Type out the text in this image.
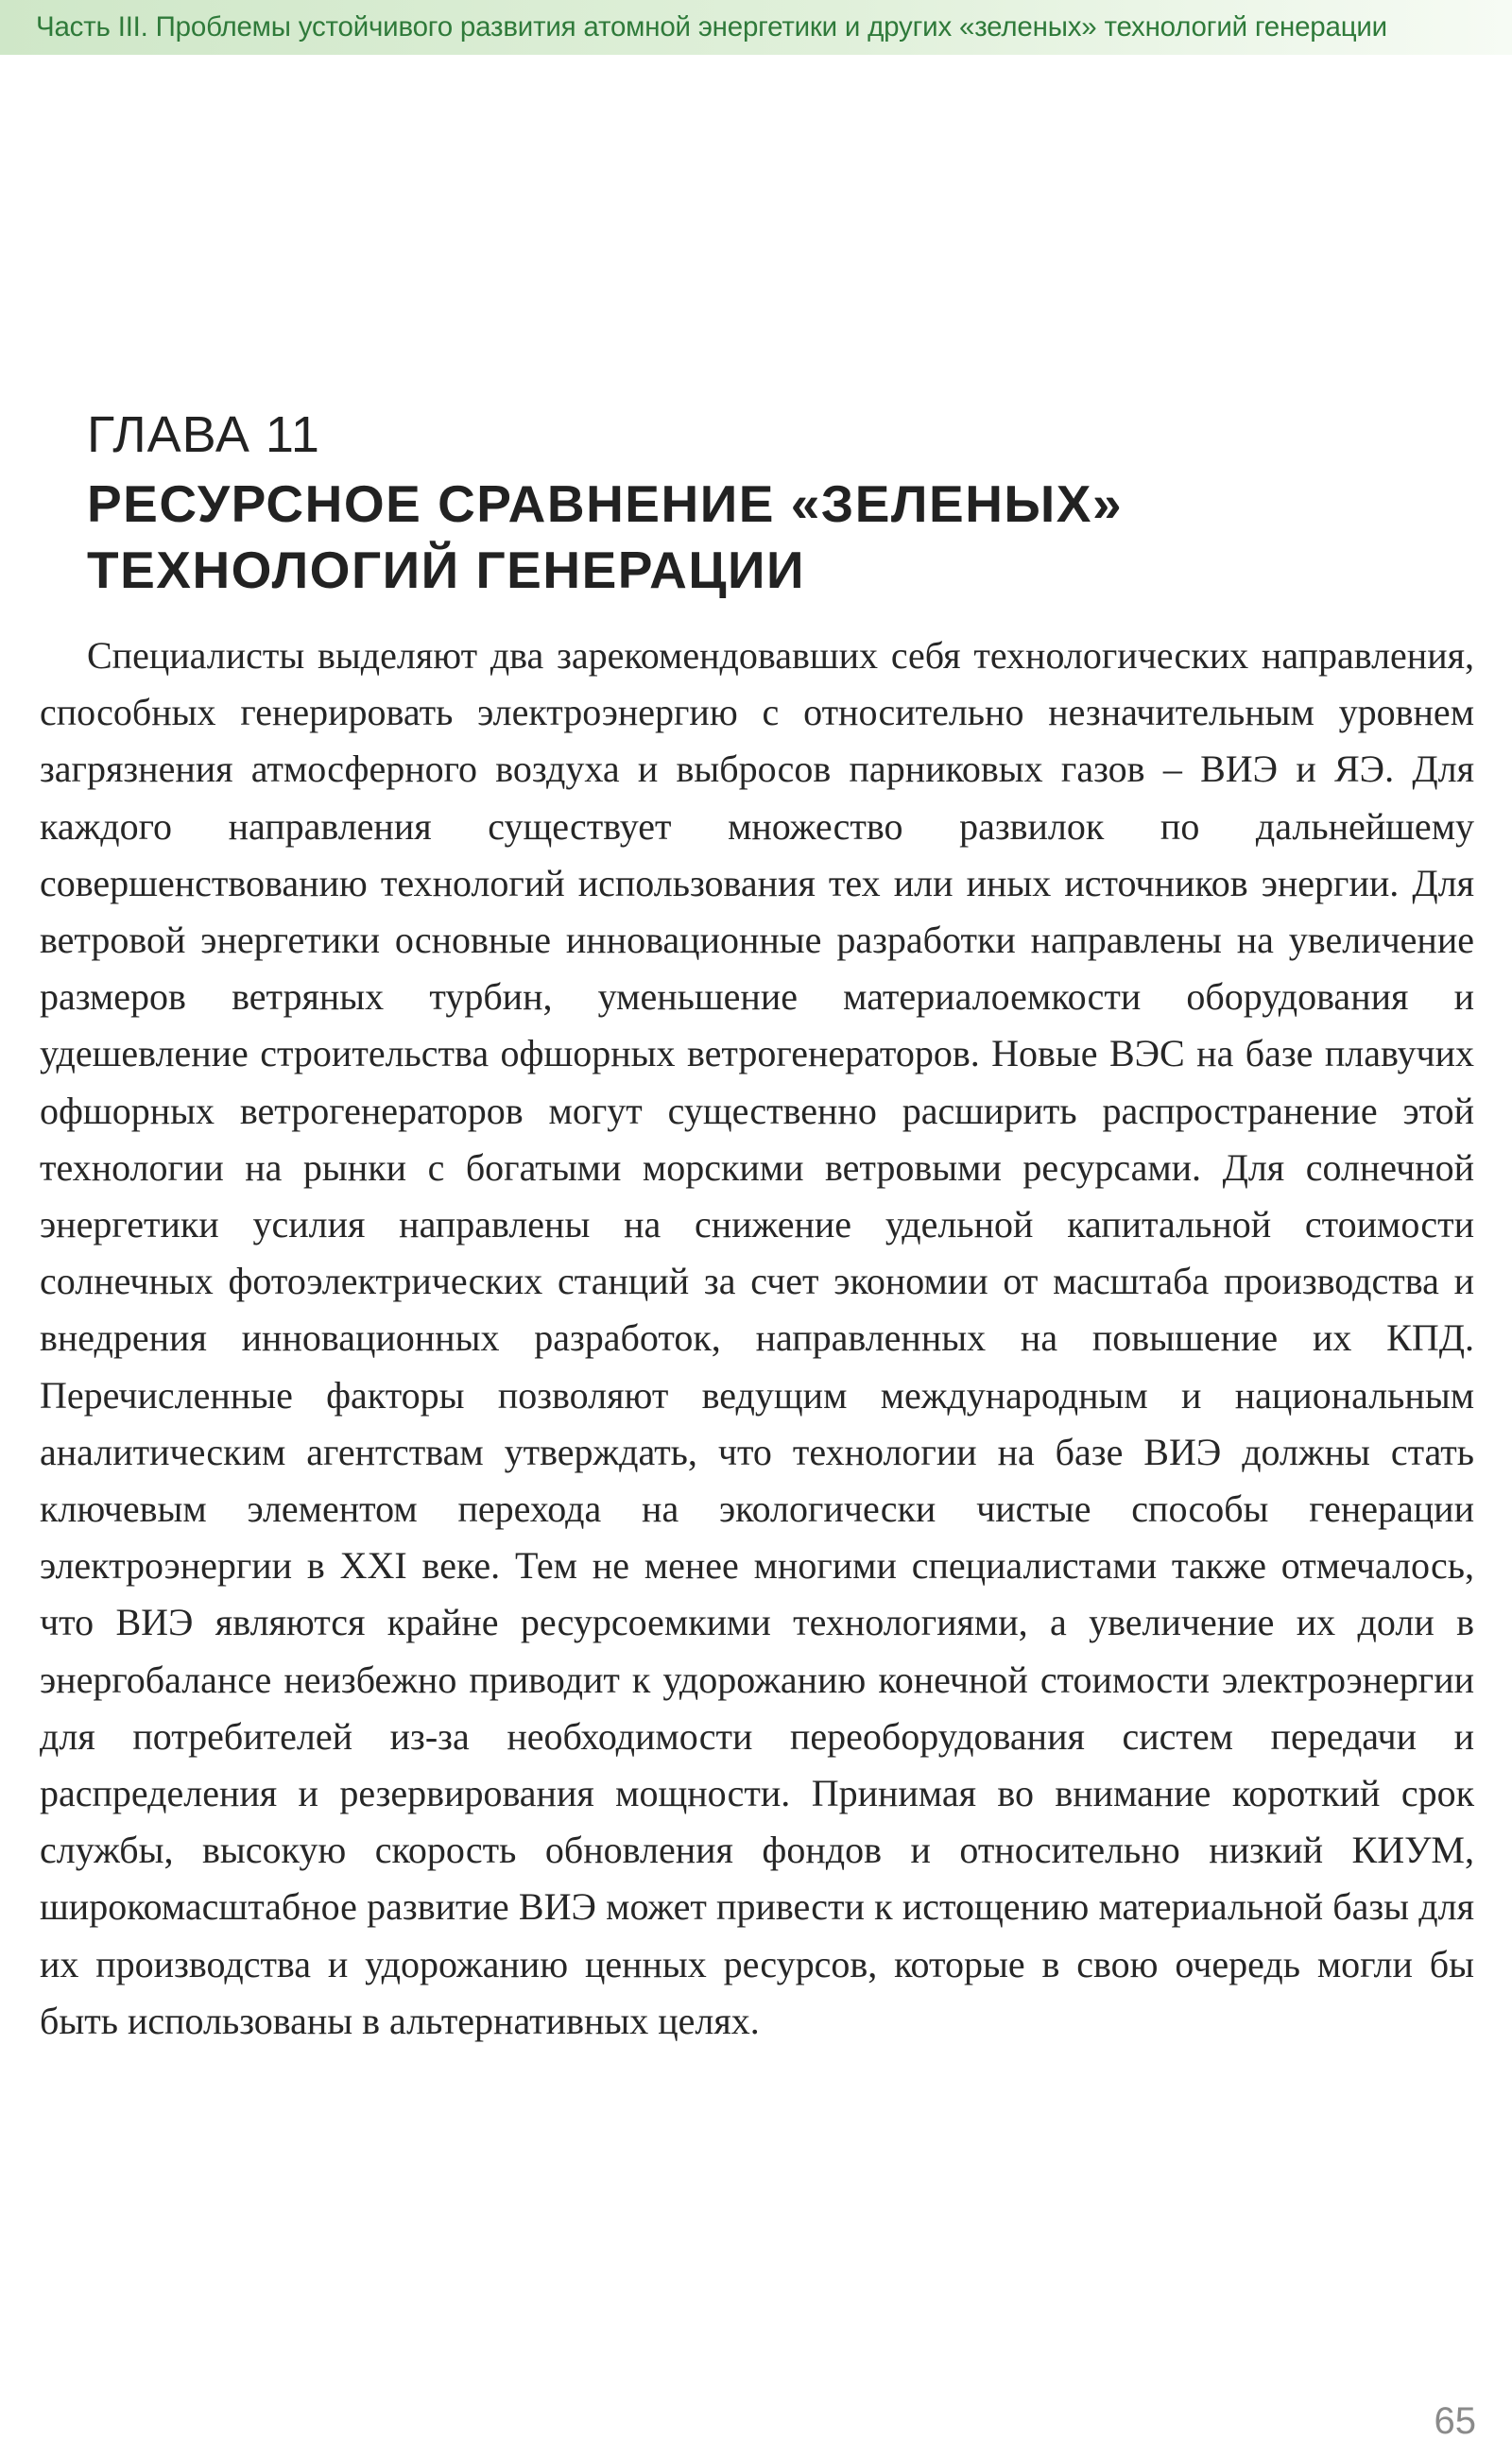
Часть III. Проблемы устойчивого развития атомной энергетики и других «зеленых» технологий генерации
ГЛАВА 11
РЕСУРСНОЕ СРАВНЕНИЕ «ЗЕЛЕНЫХ»
ТЕХНОЛОГИЙ ГЕНЕРАЦИИ

Специалисты выделяют два зарекомендовавших себя технологических направления, способных генерировать электроэнергию с относительно незначительным уровнем загрязнения атмосферного воздуха и выбросов парниковых газов – ВИЭ и ЯЭ. Для каждого направления существует множество развилок по дальнейшему совершенствованию технологий использования тех или иных источников энергии. Для ветровой энергетики основные инновационные разработки направлены на увеличение размеров ветряных турбин, уменьшение материалоемкости оборудования и удешевление строительства офшорных ветрогенераторов. Новые ВЭС на базе плавучих офшорных ветрогенераторов могут существенно расширить распространение этой технологии на рынки с богатыми морскими ветровыми ресурсами. Для солнечной энергетики усилия направлены на снижение удельной капитальной стоимости солнечных фотоэлектрических станций за счет экономии от масштаба производства и внедрения инновационных разработок, направленных на повышение их КПД. Перечисленные факторы позволяют ведущим международным и национальным аналитическим агентствам утверждать, что технологии на базе ВИЭ должны стать ключевым элементом перехода на экологически чистые способы генерации электроэнергии в XXI веке. Тем не менее многими специалистами также отмечалось, что ВИЭ являются крайне ресурсоемкими технологиями, а увеличение их доли в энергобалансе неизбежно приводит к удорожанию конечной стоимости электроэнергии для потребителей из-за необходимости переоборудования систем передачи и распределения и резервирования мощности. Принимая во внимание короткий срок службы, высокую скорость обновления фондов и относительно низкий КИУМ, широкомасштабное развитие ВИЭ может привести к истощению материальной базы для их производства и удорожанию ценных ресурсов, которые в свою очередь могли бы быть использованы в альтернативных целях.

65
